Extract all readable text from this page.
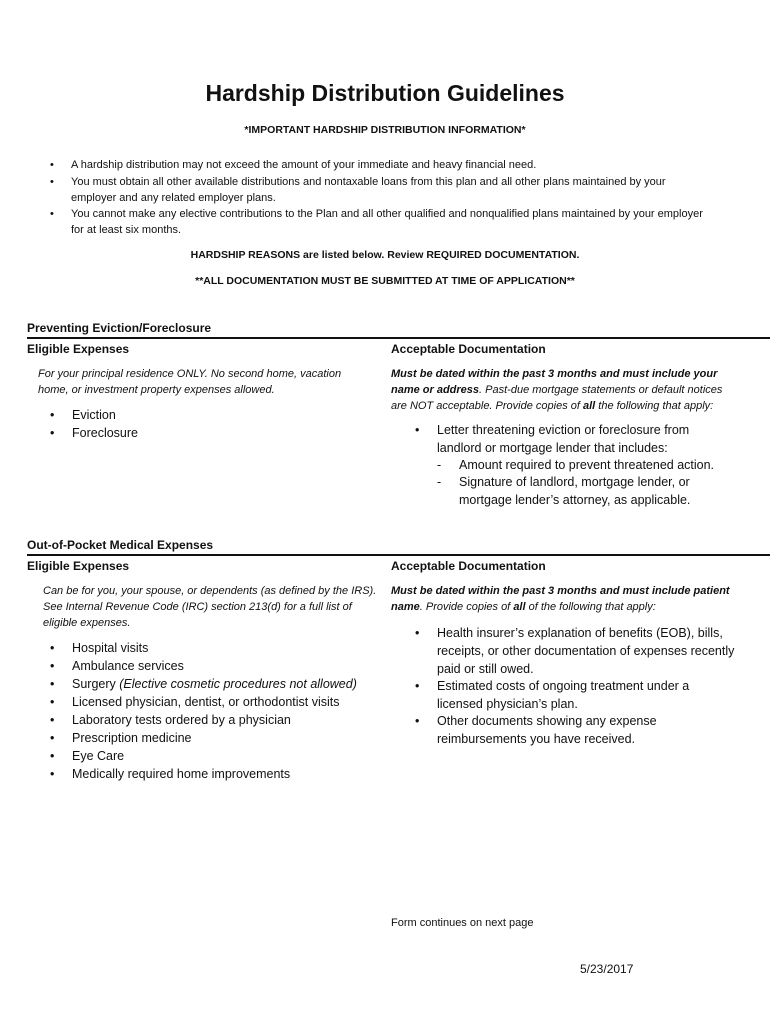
Hardship Distribution Guidelines
*IMPORTANT HARDSHIP DISTRIBUTION INFORMATION*
• A hardship distribution may not exceed the amount of your immediate and heavy financial need.
• You must obtain all other available distributions and nontaxable loans from this plan and all other plans maintained by your employer and any related employer plans.
• You cannot make any elective contributions to the Plan and all other qualified and nonqualified plans maintained by your employer for at least six months.
HARDSHIP REASONS are listed below. Review REQUIRED DOCUMENTATION.
**ALL DOCUMENTATION MUST BE SUBMITTED AT TIME OF APPLICATION**
Preventing Eviction/Foreclosure
Eligible Expenses	Acceptable Documentation
For your principal residence ONLY. No second home, vacation home, or investment property expenses allowed.
• Eviction
• Foreclosure
Must be dated within the past 3 months and must include your name or address. Past-due mortgage statements or default notices are NOT acceptable. Provide copies of all the following that apply:
• Letter threatening eviction or foreclosure from landlord or mortgage lender that includes:
- Amount required to prevent threatened action.
- Signature of landlord, mortgage lender, or mortgage lender’s attorney, as applicable.
Out-of-Pocket Medical Expenses
Eligible Expenses	Acceptable Documentation
Can be for you, your spouse, or dependents (as defined by the IRS). See Internal Revenue Code (IRC) section 213(d) for a full list of eligible expenses.
• Hospital visits
• Ambulance services
• Surgery (Elective cosmetic procedures not allowed)
• Licensed physician, dentist, or orthodontist visits
• Laboratory tests ordered by a physician
• Prescription medicine
• Eye Care
• Medically required home improvements
Must be dated within the past 3 months and must include patient name. Provide copies of all of the following that apply:
• Health insurer’s explanation of benefits (EOB), bills, receipts, or other documentation of expenses recently paid or still owed.
• Estimated costs of ongoing treatment under a licensed physician’s plan.
• Other documents showing any expense reimbursements you have received.
Form continues on next page
5/23/2017
